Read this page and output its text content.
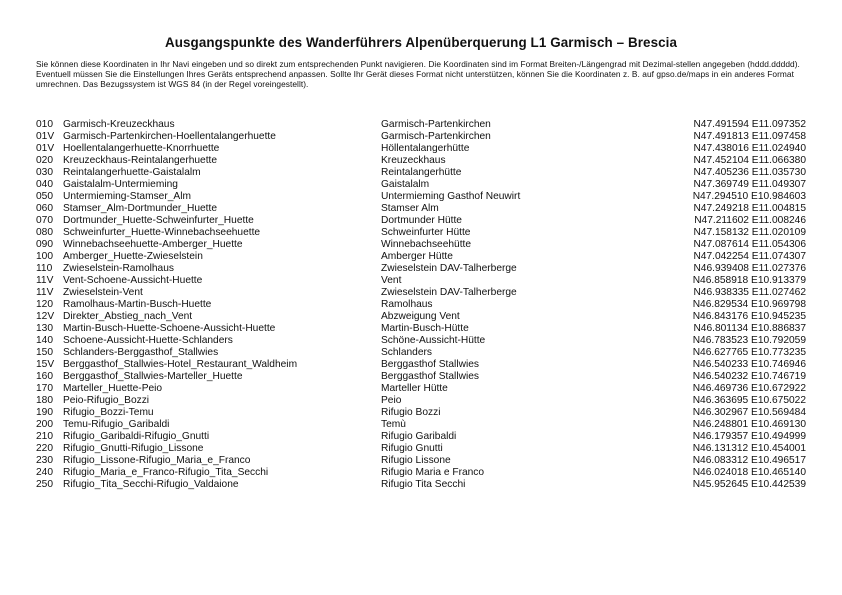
Ausgangspunkte des Wanderführers Alpenüberquerung L1 Garmisch – Brescia

Sie können diese Koordinaten in Ihr Navi eingeben und so direkt zum entsprechenden Punkt navigieren. Die Koordinaten sind im Format Breiten-/Längengrad mit Dezimal-stellen angegeben (hddd.ddddd).

Eventuell müssen Sie die Einstellungen Ihres Geräts entsprechend anpassen. Sollte Ihr Gerät dieses Format nicht unterstützen, können Sie die Koordinaten z. B. auf gpso.de/maps in ein anderes Format umrechnen. Das Bezugssystem ist WGS 84 (in der Regel voreingestellt).

010 Garmisch-Kreuzeckhaus	Garmisch-Partenkirchen	N47.491594 E11.097352
01V Garmisch-Partenkirchen-Hoellentalangerhuette	Garmisch-Partenkirchen	N47.491813 E11.097458
01V Hoellentalangerhuette-Knorrhuette	Höllentalangerhütte	N47.438016 E11.024940
020 Kreuzeckhaus-Reintalangerhuette	Kreuzeckhaus	N47.452104 E11.066380
030 Reintalangerhuette-Gaistalalm	Reintalangerhütte	N47.405236 E11.035730
040 Gaistalalm-Untermieming	Gaistalalm	N47.369749 E11.049307
050 Untermieming-Stamser_Alm	Untermieming Gasthof Neuwirt	N47.294510 E10.984603
060 Stamser_Alm-Dortmunder_Huette	Stamser Alm	N47.249218 E11.004815
070 Dortmunder_Huette-Schweinfurter_Huette	Dortmunder Hütte	N47.211602 E11.008246
080 Schweinfurter_Huette-Winnebachseehuette	Schweinfurter Hütte	N47.158132 E11.020109
090 Winnebachseehuette-Amberger_Huette	Winnebachseehütte	N47.087614 E11.054306
100 Amberger_Huette-Zwieselstein	Amberger Hütte	N47.042254 E11.074307
110 Zwieselstein-Ramolhaus	Zwieselstein DAV-Talherberge	N46.939408 E11.027376
11V Vent-Schoene-Aussicht-Huette	Vent	N46.858918 E10.913379
11V Zwieselstein-Vent	Zwieselstein DAV-Talherberge	N46.938335 E11.027462
120 Ramolhaus-Martin-Busch-Huette	Ramolhaus	N46.829534 E10.969798
12V Direkter_Abstieg_nach_Vent	Abzweigung Vent	N46.843176 E10.945235
130 Martin-Busch-Huette-Schoene-Aussicht-Huette	Martin-Busch-Hütte	N46.801134 E10.886837
140 Schoene-Aussicht-Huette-Schlanders	Schöne-Aussicht-Hütte	N46.783523 E10.792059
150 Schlanders-Berggasthof_Stallwies	Schlanders	N46.627765 E10.773235
15V Berggasthof_Stallwies-Hotel_Restaurant_Waldheim	Berggasthof Stallwies	N46.540233 E10.746946
160 Berggasthof_Stallwies-Marteller_Huette	Berggasthof Stallwies	N46.540232 E10.746719
170 Marteller_Huette-Peio	Marteller Hütte	N46.469736 E10.672922
180 Peio-Rifugio_Bozzi	Peio	N46.363695 E10.675022
190 Rifugio_Bozzi-Temu	Rifugio Bozzi	N46.302967 E10.569484
200 Temu-Rifugio_Garibaldi	Temù	N46.248801 E10.469130
210 Rifugio_Garibaldi-Rifugio_Gnutti	Rifugio Garibaldi	N46.179357 E10.494999
220 Rifugio_Gnutti-Rifugio_Lissone	Rifugio Gnutti	N46.131312 E10.454001
230 Rifugio_Lissone-Rifugio_Maria_e_Franco	Rifugio Lissone	N46.083312 E10.496517
240 Rifugio_Maria_e_Franco-Rifugio_Tita_Secchi	Rifugio Maria e Franco	N46.024018 E10.465140
250 Rifugio_Tita_Secchi-Rifugio_Valdaione	Rifugio Tita Secchi	N45.952645 E10.442539
